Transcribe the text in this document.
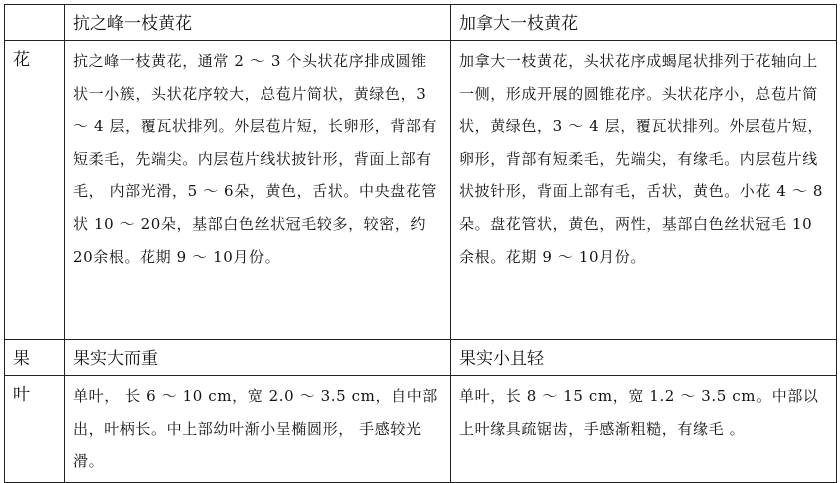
	抗之峰一枝黄花	加拿大一枝黄花
花	抗之峰一枝黄花，通常 2 ～ 3 个头状花序排成圆锥状一小簇，头状花序较大，总苞片简状，黄绿色，3 ～ 4 层，覆瓦状排列。外层苞片短，长卵形，背部有短柔毛，先端尖。内层苞片线状披针形，背面上部有毛， 内部光滑，5 ～ 6朵，黄色，舌状。中央盘花管状 10 ～ 20朵，基部白色丝状冠毛较多，较密，约 20余根。花期 9 ～ 10月份。	加拿大一枝黄花，头状花序成蝎尾状排列于花轴向上一侧，形成开展的圆锥花序。头状花序小，总苞片简状，黄绿色，3 ～ 4 层，覆瓦状排列。外层苞片短，卵形，背部有短柔毛，先端尖，有缘毛。内层苞片线状披针形，背面上部有毛，舌状，黄色。小花 4 ～ 8朵。盘花管状，黄色，两性，基部白色丝状冠毛 10 余根。花期 9 ～ 10月份。
果	果实大而重	果实小且轻
叶	单叶， 长 6 ～ 10 cm，宽 2.0 ～ 3.5 cm，自中部出，叶柄长。中上部幼叶渐小呈椭圆形， 手感较光滑。	单叶，长 8 ～ 15 cm，宽 1.2 ～ 3.5 cm。中部以上叶缘具疏锯齿，手感渐粗糙，有缘毛 。
